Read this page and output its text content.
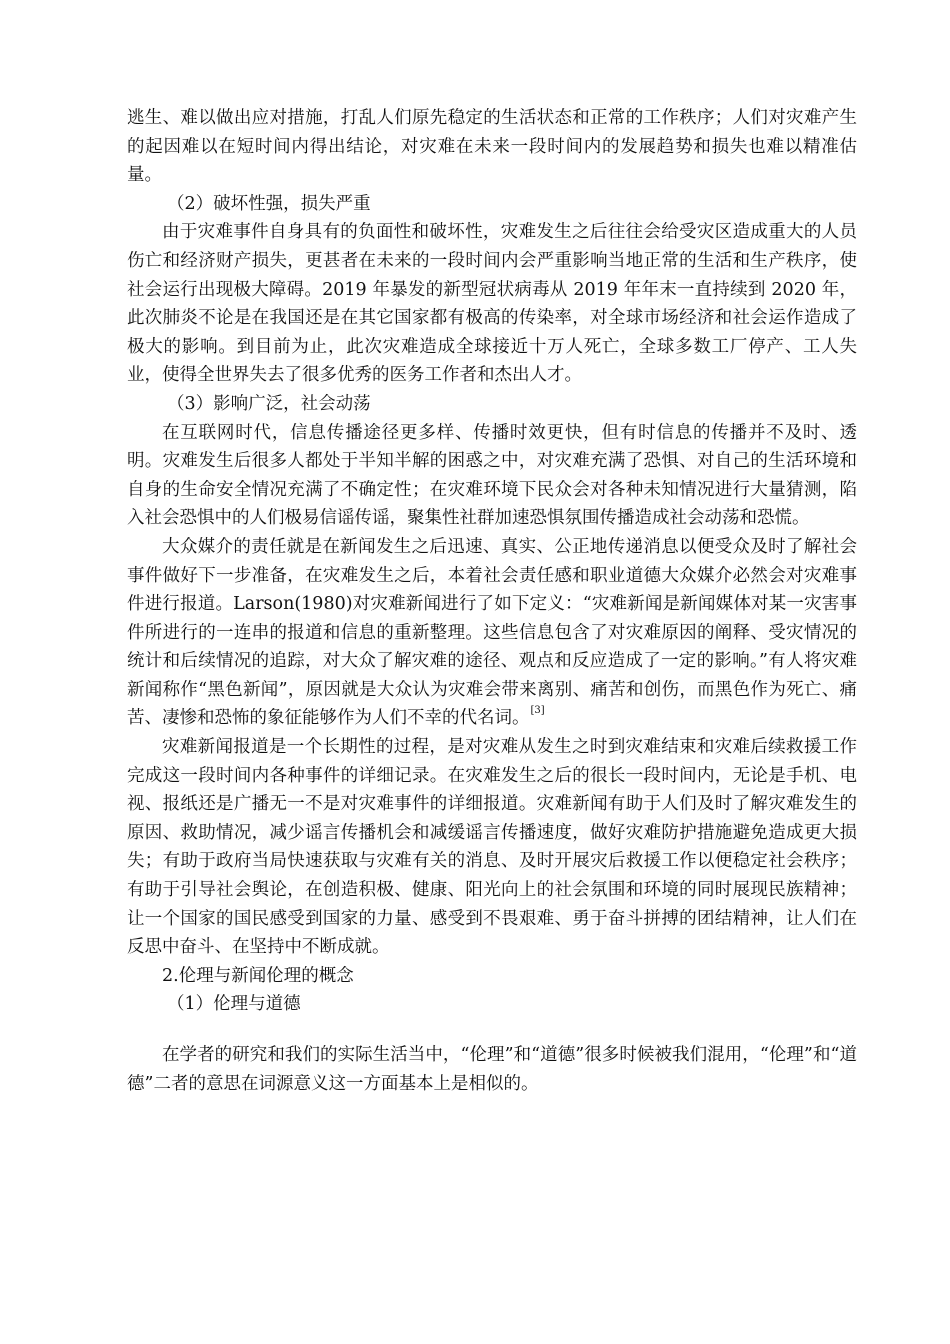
逃生、难以做出应对措施，打乱人们原先稳定的生活状态和正常的工作秩序；人们对灾难产生的起因难以在短时间内得出结论，对灾难在未来一段时间内的发展趋势和损失也难以精准估量。

（2）破坏性强，损失严重

由于灾难事件自身具有的负面性和破坏性，灾难发生之后往往会给受灾区造成重大的人员伤亡和经济财产损失，更甚者在未来的一段时间内会严重影响当地正常的生活和生产秩序，使社会运行出现极大障碍。2019 年暴发的新型冠状病毒从 2019 年年末一直持续到 2020 年，此次肺炎不论是在我国还是在其它国家都有极高的传染率，对全球市场经济和社会运作造成了极大的影响。到目前为止，此次灾难造成全球接近十万人死亡，全球多数工厂停产、工人失业，使得全世界失去了很多优秀的医务工作者和杰出人才。

（3）影响广泛，社会动荡

在互联网时代，信息传播途径更多样、传播时效更快，但有时信息的传播并不及时、透明。灾难发生后很多人都处于半知半解的困惑之中，对灾难充满了恐惧、对自己的生活环境和自身的生命安全情况充满了不确定性；在灾难环境下民众会对各种未知情况进行大量猜测，陷入社会恐惧中的人们极易信谣传谣，聚集性社群加速恐惧氛围传播造成社会动荡和恐慌。

大众媒介的责任就是在新闻发生之后迅速、真实、公正地传递消息以便受众及时了解社会事件做好下一步准备，在灾难发生之后，本着社会责任感和职业道德大众媒介必然会对灾难事件进行报道。Larson(1980)对灾难新闻进行了如下定义：“灾难新闻是新闻媒体对某一灾害事件所进行的一连串的报道和信息的重新整理。这些信息包含了对灾难原因的阐释、受灾情况的统计和后续情况的追踪，对大众了解灾难的途径、观点和反应造成了一定的影响。”有人将灾难新闻称作“黑色新闻”，原因就是大众认为灾难会带来离别、痛苦和创伤，而黑色作为死亡、痛苦、凄惨和恐怖的象征能够作为人们不幸的代名词。[3]

灾难新闻报道是一个长期性的过程，是对灾难从发生之时到灾难结束和灾难后续救援工作完成这一段时间内各种事件的详细记录。在灾难发生之后的很长一段时间内，无论是手机、电视、报纸还是广播无一不是对灾难事件的详细报道。灾难新闻有助于人们及时了解灾难发生的原因、救助情况，减少谣言传播机会和减缓谣言传播速度，做好灾难防护措施避免造成更大损失；有助于政府当局快速获取与灾难有关的消息、及时开展灾后救援工作以便稳定社会秩序；有助于引导社会舆论，在创造积极、健康、阳光向上的社会氛围和环境的同时展现民族精神；让一个国家的国民感受到国家的力量、感受到不畏艰难、勇于奋斗拼搏的团结精神，让人们在反思中奋斗、在坚持中不断成就。

2.伦理与新闻伦理的概念

（1）伦理与道德

在学者的研究和我们的实际生活当中，“伦理”和“道德”很多时候被我们混用，“伦理”和“道德”二者的意思在词源意义这一方面基本上是相似的。
